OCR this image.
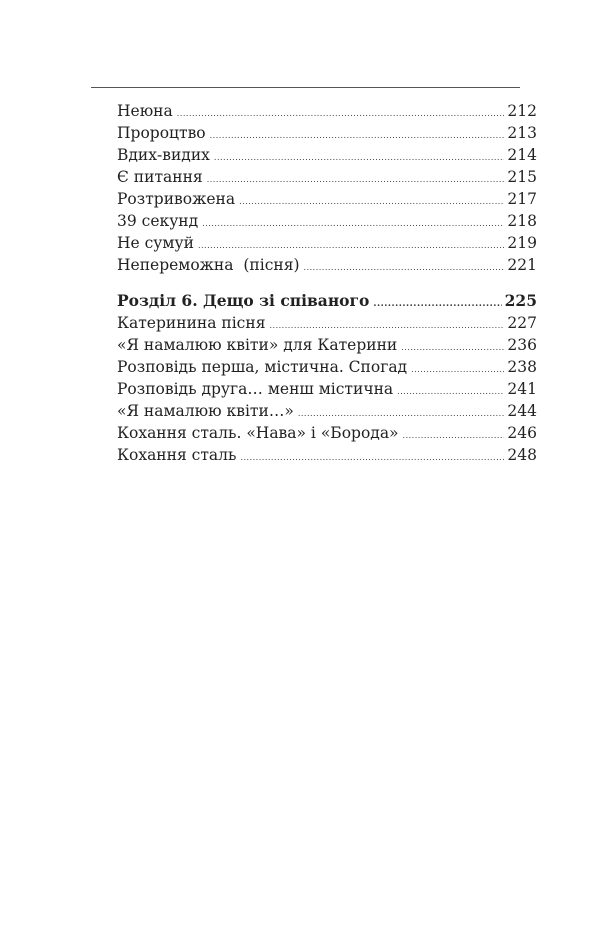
Неюна .....	212
Пророцтво .....	213
Вдих-видих .....	214
Є питання .....	215
Розтривожена .....	217
39 секунд .....	218
Не сумуй .....	219
Непереможна  (пісня) .....	221
Розділ 6. Дещо зі співаного .....	225
Катеринина пісня .....	227
«Я намалюю квіти» для Катерини .....	236
Розповідь перша, містична. Спогад .....	238
Розповідь друга… менш містична .....	241
«Я намалюю квіти…» .....	244
Кохання сталь. «Нава» і «Борода» .....	246
Кохання сталь .....	248
